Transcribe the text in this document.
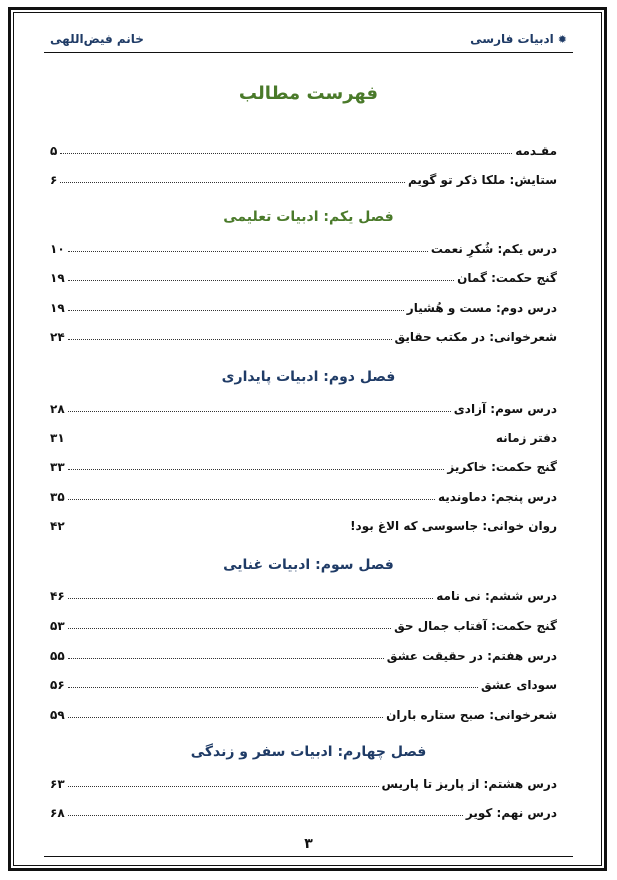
✹
ادبیات فارسی
خانم فیض‌اللهی
فهرست مطالب
مقـدمه
۵
ستایش: ملکا ذکر تو گویم
۶
فصل یکم: ادبیات تعلیمی
درس یکم: شُکرِ نعمت
۱۰
گنج حکمت: گمان
۱۹
درس دوم: مست و هُشیار
۱۹
شعرخوانی: در مکتب حقایق
۲۴
فصل دوم: ادبیات پایداری
درس سوم: آزادی
۲۸
دفتر زمانه
۳۱
گنج حکمت: خاکریز
۳۳
درس پنجم: دماوندیه
۳۵
روان خوانی: جاسوسی که الاغ بود!
۴۲
فصل سوم: ادبیات غنایی
درس ششم: نی نامه
۴۶
گنج حکمت: آفتاب جمال حق
۵۳
درس هفتم: در حقیقت عشق
۵۵
سودای عشق
۵۶
شعرخوانی: صبح ستاره باران
۵۹
فصل چهارم: ادبیات سفر و زندگی
درس هشتم: از پاریز تا پاریس
۶۳
درس نهم: کویر
۶۸
۳
